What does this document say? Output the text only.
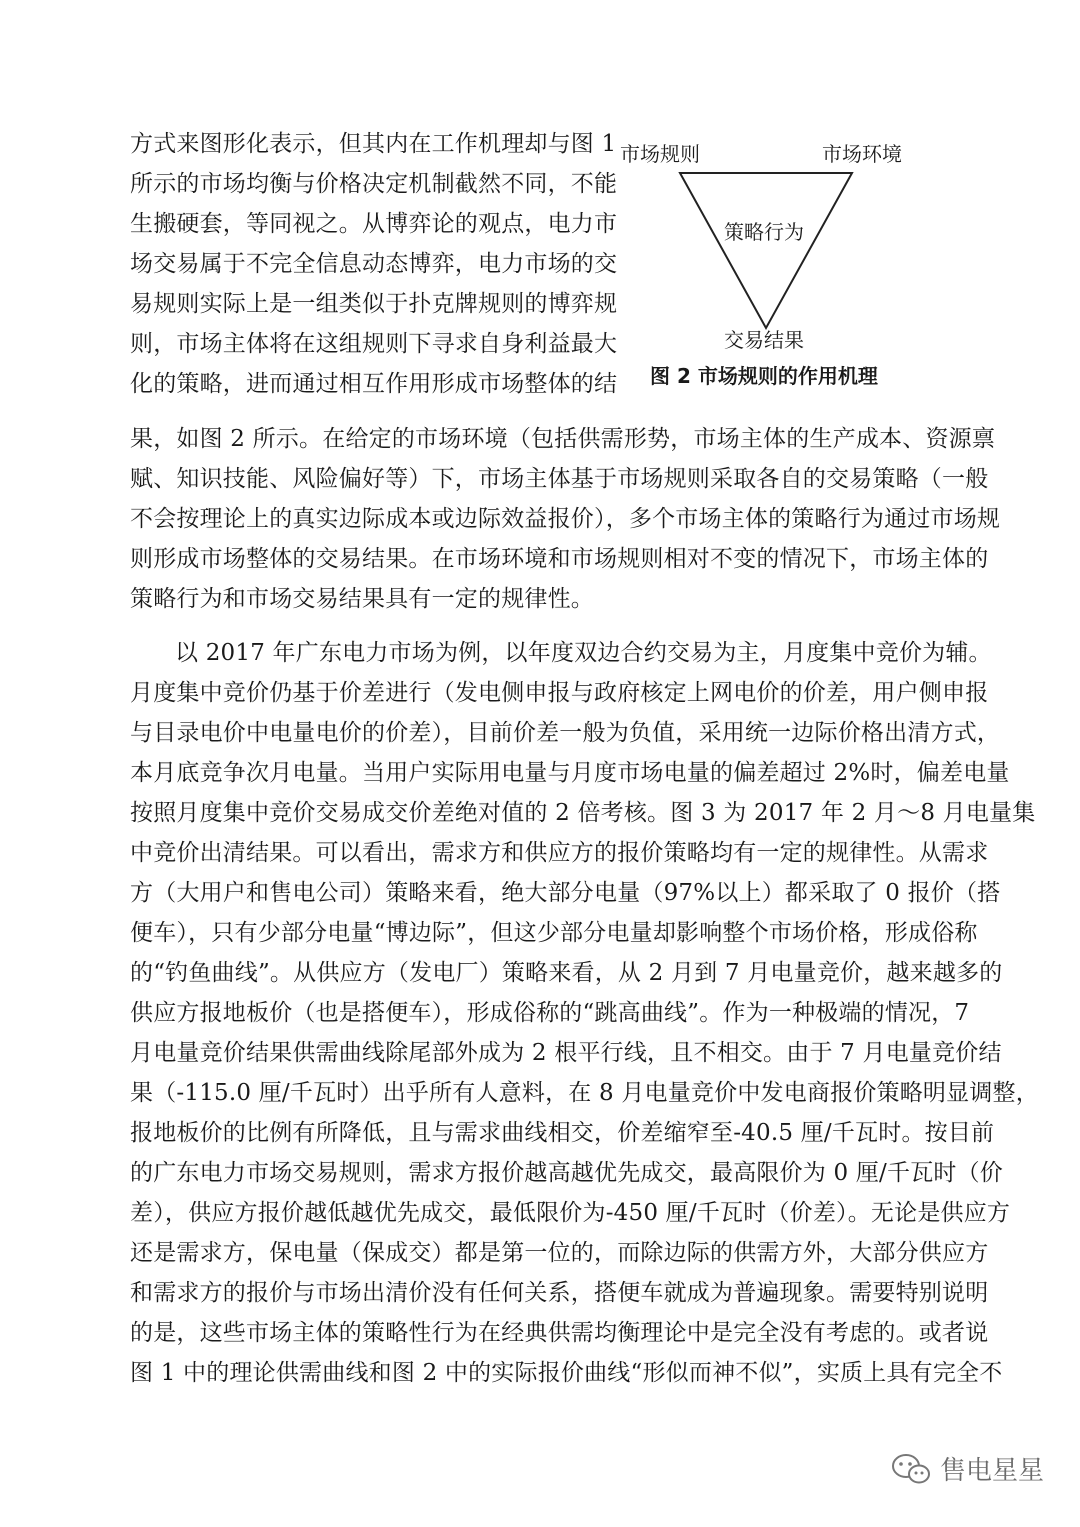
方式来图形化表示，但其内在工作机理却与图 1
所示的市场均衡与价格决定机制截然不同，不能
生搬硬套，等同视之。从博弈论的观点，电力市
场交易属于不完全信息动态博弈，电力市场的交
易规则实际上是一组类似于扑克牌规则的博弈规
则，市场主体将在这组规则下寻求自身利益最大
化的策略，进而通过相互作用形成市场整体的结
市场规则	市场环境
策略行为
交易结果
图 2 市场规则的作用机理
果，如图 2 所示。在给定的市场环境（包括供需形势，市场主体的生产成本、资源禀
赋、知识技能、风险偏好等）下，市场主体基于市场规则采取各自的交易策略（一般
不会按理论上的真实边际成本或边际效益报价），多个市场主体的策略行为通过市场规
则形成市场整体的交易结果。在市场环境和市场规则相对不变的情况下，市场主体的
策略行为和市场交易结果具有一定的规律性。
以 2017 年广东电力市场为例，以年度双边合约交易为主，月度集中竞价为辅。
月度集中竞价仍基于价差进行（发电侧申报与政府核定上网电价的价差，用户侧申报
与目录电价中电量电价的价差），目前价差一般为负值，采用统一边际价格出清方式，
本月底竞争次月电量。当用户实际用电量与月度市场电量的偏差超过 2%时，偏差电量
按照月度集中竞价交易成交价差绝对值的 2 倍考核。图 3 为 2017 年 2 月～8 月电量集
中竞价出清结果。可以看出，需求方和供应方的报价策略均有一定的规律性。从需求
方（大用户和售电公司）策略来看，绝大部分电量（97%以上）都采取了 0 报价（搭
便车），只有少部分电量“博边际”，但这少部分电量却影响整个市场价格，形成俗称
的“钓鱼曲线”。从供应方（发电厂）策略来看，从 2 月到 7 月电量竞价，越来越多的
供应方报地板价（也是搭便车），形成俗称的“跳高曲线”。作为一种极端的情况，7
月电量竞价结果供需曲线除尾部外成为 2 根平行线，且不相交。由于 7 月电量竞价结
果（-115.0 厘/千瓦时）出乎所有人意料，在 8 月电量竞价中发电商报价策略明显调整，
报地板价的比例有所降低，且与需求曲线相交，价差缩窄至-40.5 厘/千瓦时。按目前
的广东电力市场交易规则，需求方报价越高越优先成交，最高限价为 0 厘/千瓦时（价
差），供应方报价越低越优先成交，最低限价为-450 厘/千瓦时（价差）。无论是供应方
还是需求方，保电量（保成交）都是第一位的，而除边际的供需方外，大部分供应方
和需求方的报价与市场出清价没有任何关系，搭便车就成为普遍现象。需要特别说明
的是，这些市场主体的策略性行为在经典供需均衡理论中是完全没有考虑的。或者说
图 1 中的理论供需曲线和图 2 中的实际报价曲线“形似而神不似”，实质上具有完全不
售电星星
